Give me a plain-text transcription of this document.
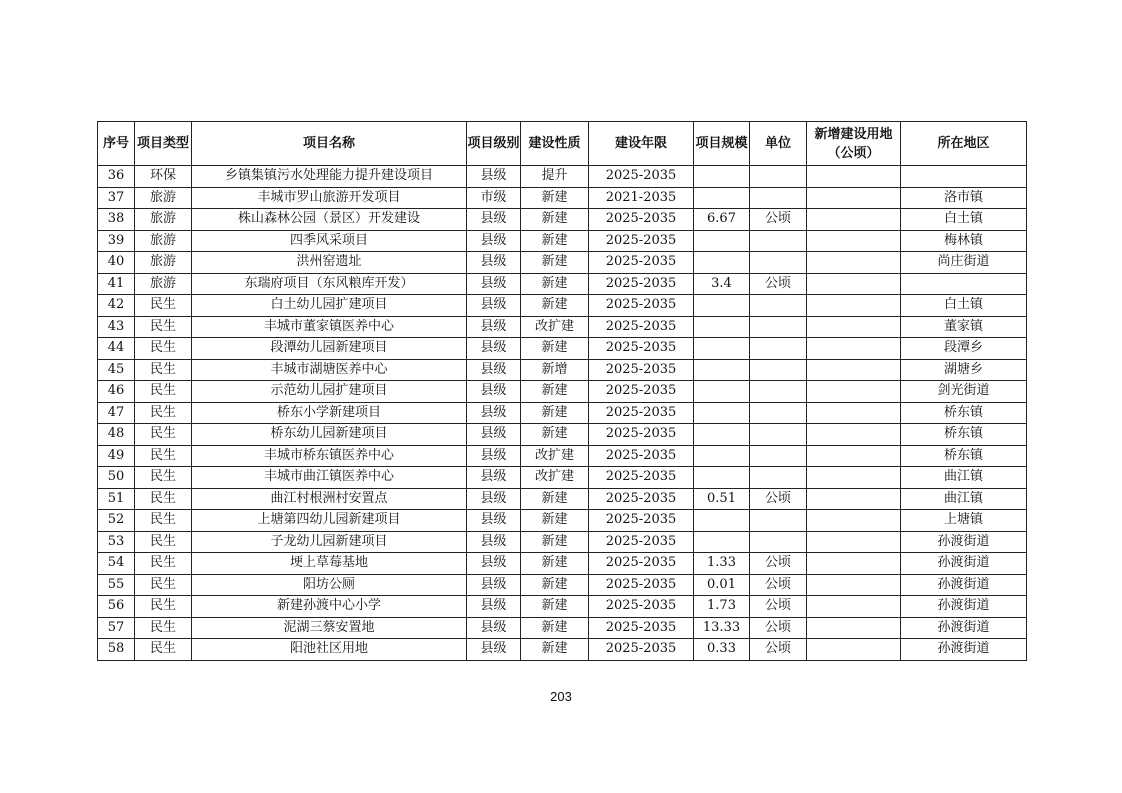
序号	项目类型	项目名称	项目级别	建设性质	建设年限	项目规模	单位	新增建设用地（公顷）	所在地区
36	环保	乡镇集镇污水处理能力提升建设项目	县级	提升	2025-2035				
37	旅游	丰城市罗山旅游开发项目	市级	新建	2021-2035				洛市镇
38	旅游	株山森林公园（景区）开发建设	县级	新建	2025-2035	6.67	公顷		白土镇
39	旅游	四季风采项目	县级	新建	2025-2035				梅林镇
40	旅游	洪州窑遗址	县级	新建	2025-2035				尚庄街道
41	旅游	东瑞府项目（东风粮库开发）	县级	新建	2025-2035	3.4	公顷		
42	民生	白土幼儿园扩建项目	县级	新建	2025-2035				白土镇
43	民生	丰城市董家镇医养中心	县级	改扩建	2025-2035				董家镇
44	民生	段潭幼儿园新建项目	县级	新建	2025-2035				段潭乡
45	民生	丰城市湖塘医养中心	县级	新增	2025-2035				湖塘乡
46	民生	示范幼儿园扩建项目	县级	新建	2025-2035				剑光街道
47	民生	桥东小学新建项目	县级	新建	2025-2035				桥东镇
48	民生	桥东幼儿园新建项目	县级	新建	2025-2035				桥东镇
49	民生	丰城市桥东镇医养中心	县级	改扩建	2025-2035				桥东镇
50	民生	丰城市曲江镇医养中心	县级	改扩建	2025-2035				曲江镇
51	民生	曲江村根洲村安置点	县级	新建	2025-2035	0.51	公顷		曲江镇
52	民生	上塘第四幼儿园新建项目	县级	新建	2025-2035				上塘镇
53	民生	子龙幼儿园新建项目	县级	新建	2025-2035				孙渡街道
54	民生	埂上草莓基地	县级	新建	2025-2035	1.33	公顷		孙渡街道
55	民生	阳坊公厕	县级	新建	2025-2035	0.01	公顷		孙渡街道
56	民生	新建孙渡中心小学	县级	新建	2025-2035	1.73	公顷		孙渡街道
57	民生	泥湖三蔡安置地	县级	新建	2025-2035	13.33	公顷		孙渡街道
58	民生	阳池社区用地	县级	新建	2025-2035	0.33	公顷		孙渡街道
203
